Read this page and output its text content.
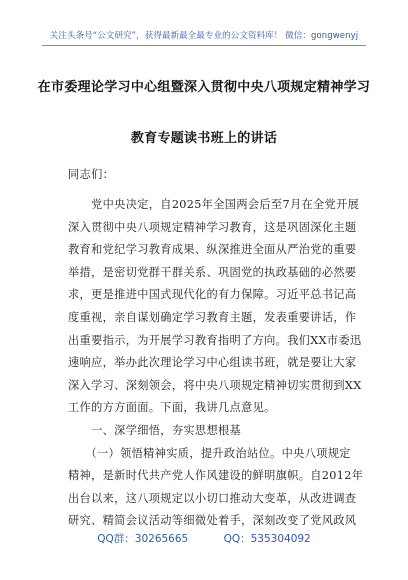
关注头条号“公文研究”，获得最新最全最专业的公文资料库！ 微信：gongwenyj
在市委理论学习中心组暨深入贯彻中央八项规定精神学习
教育专题读书班上的讲话
同志们：
　　党中央决定，自2025年全国两会后至7月在全党开展
深入贯彻中央八项规定精神学习教育，这是巩固深化主题
教育和党纪学习教育成果、纵深推进全面从严治党的重要
举措，是密切党群干群关系、巩固党的执政基础的必然要
求，更是推进中国式现代化的有力保障。习近平总书记高
度重视，亲自谋划确定学习教育主题，发表重要讲话，作
出重要指示，为开展学习教育指明了方向。我们XX市委迅
速响应，举办此次理论学习中心组读书班，就是要让大家
深入学习、深刻领会，将中央八项规定精神切实贯彻到XX
工作的方方面面。下面，我讲几点意见。
　　一、深学细悟，夯实思想根基
　　（一）领悟精神实质，提升政治站位。中央八项规定
精神，是新时代共产党人作风建设的鲜明旗帜。自2012年
出台以来，这八项规定以小切口推动大变革，从改进调查
研究、精简会议活动等细微处着手，深刻改变了党风政风
QQ群：30265665	QQ：535304092
